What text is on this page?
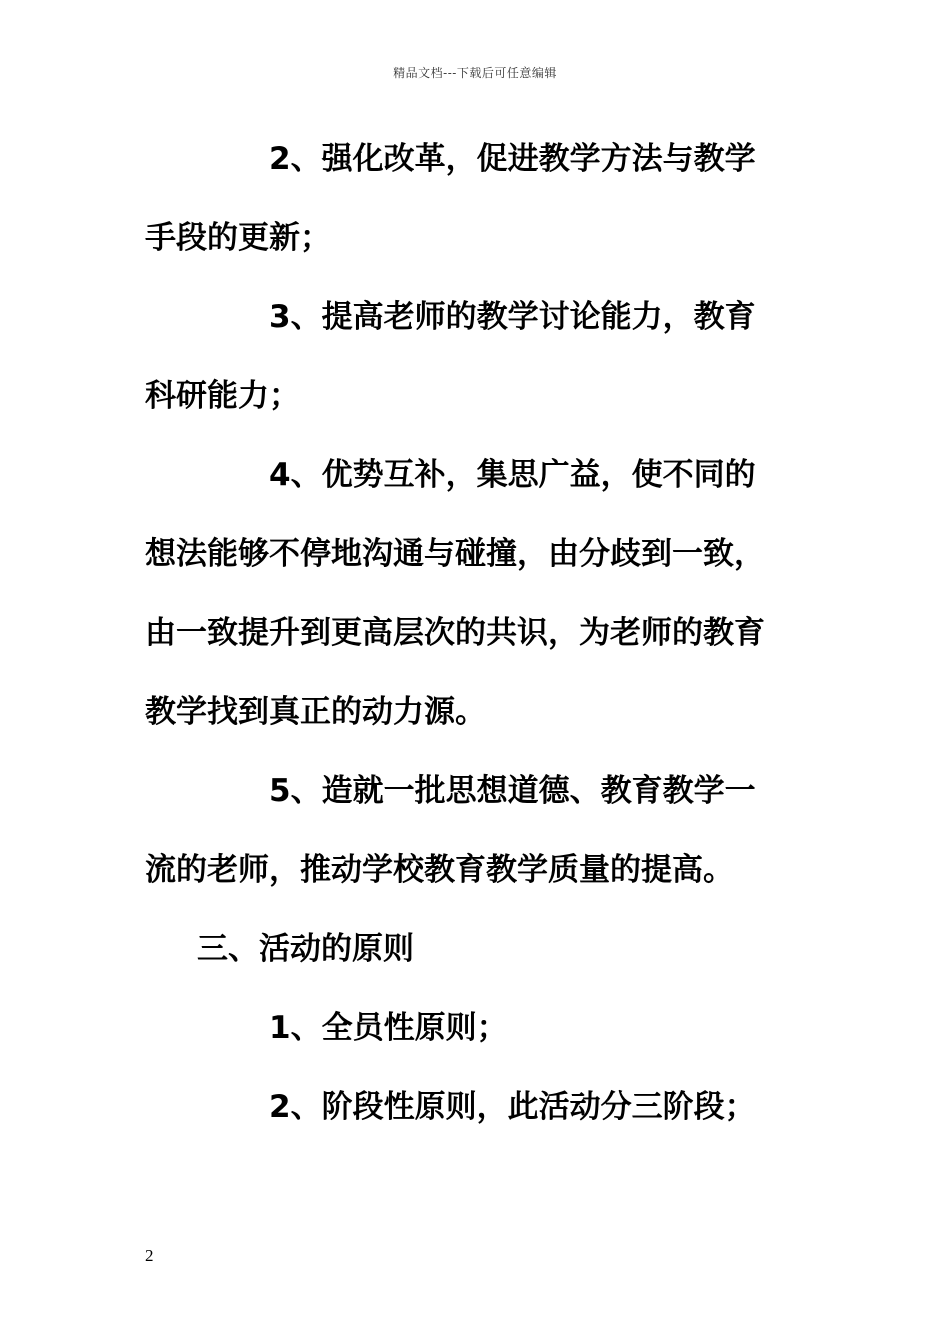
精品文档---下载后可任意编辑

2、强化改革，促进教学方法与教学手段的更新；

3、提高老师的教学讨论能力，教育科研能力；

4、优势互补，集思广益，使不同的想法能够不停地沟通与碰撞，由分歧到一致，由一致提升到更高层次的共识，为老师的教育教学找到真正的动力源。

5、造就一批思想道德、教育教学一流的老师，推动学校教育教学质量的提高。

三、活动的原则

1、全员性原则；

2、阶段性原则，此活动分三阶段；

2
